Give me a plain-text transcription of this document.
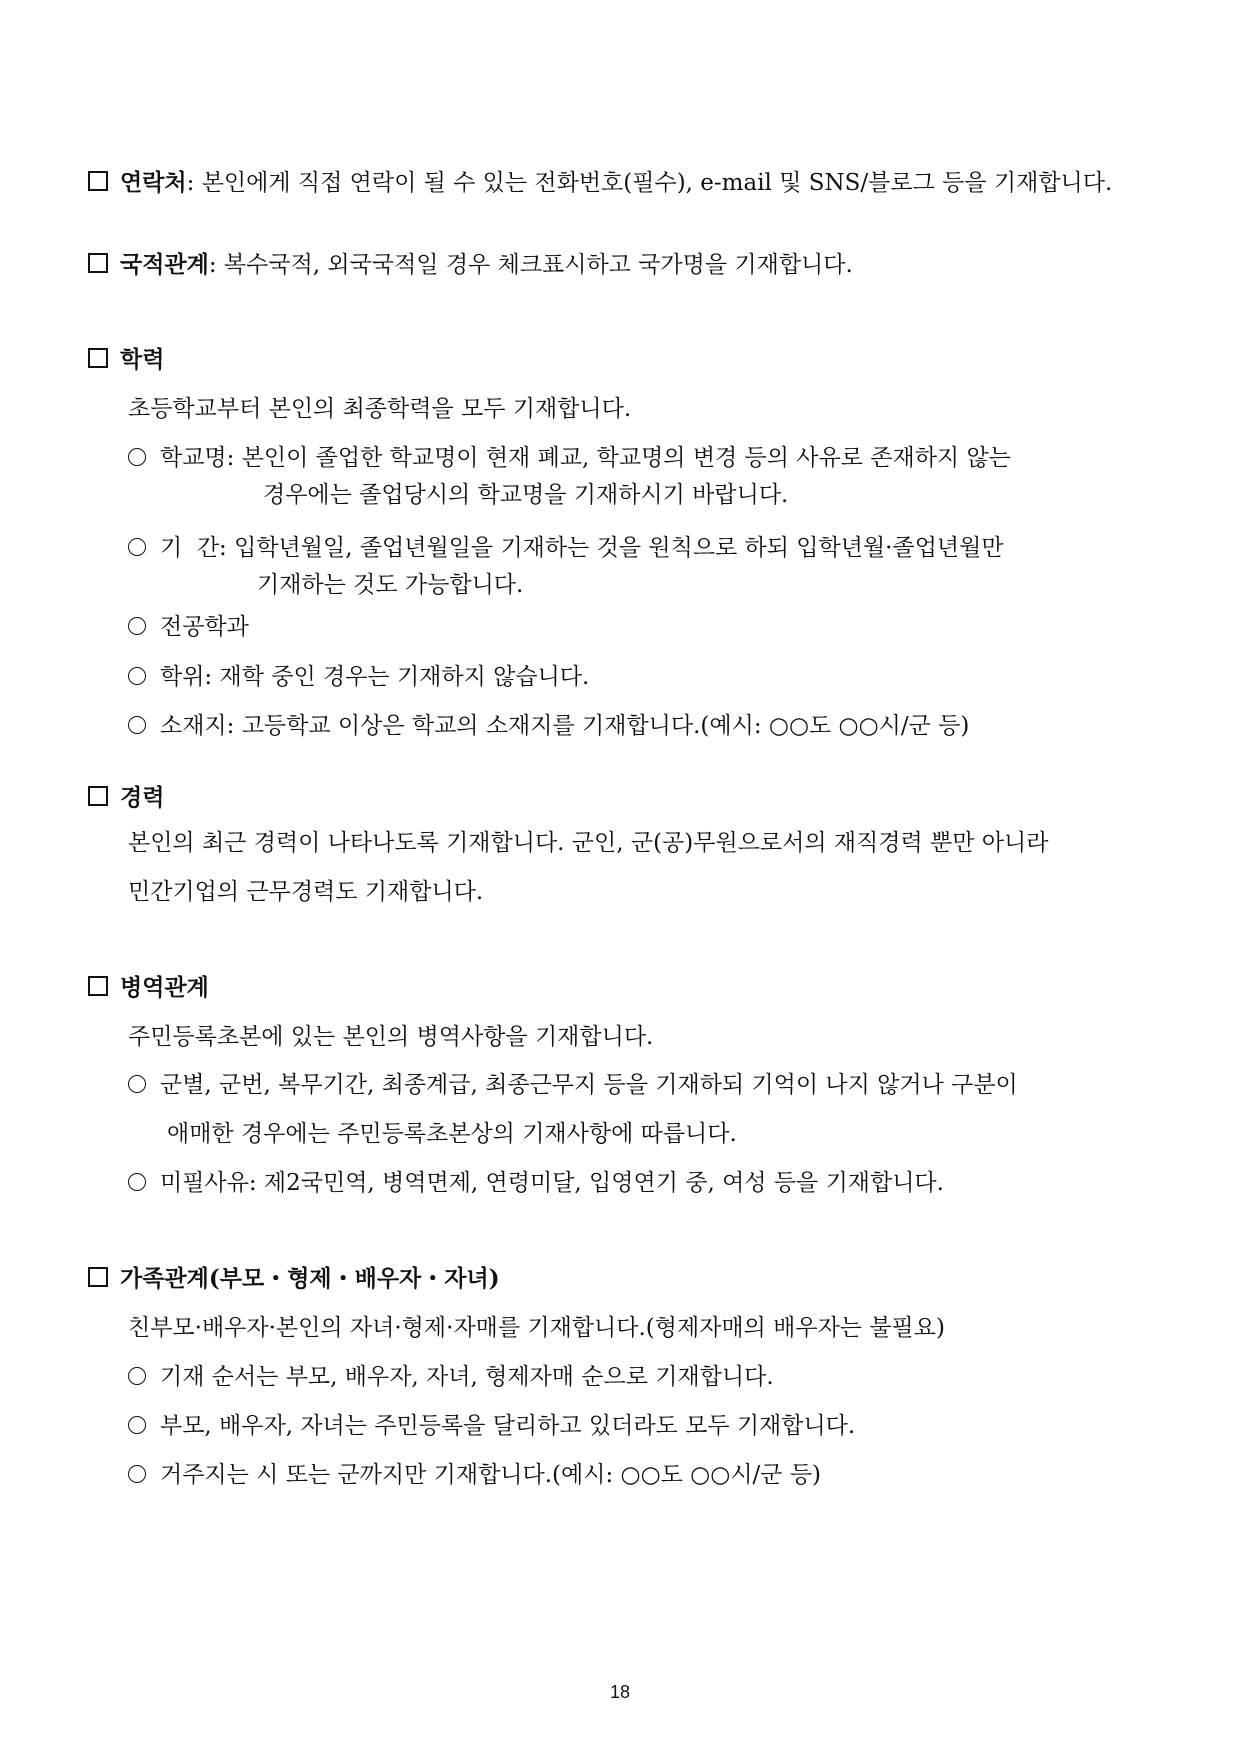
연락처: 본인에게 직접 연락이 될 수 있는 전화번호(필수), e-mail 및 SNS/블로그 등을 기재합니다.
국적관계: 복수국적, 외국국적일 경우 체크표시하고 국가명을 기재합니다.
학력
초등학교부터 본인의 최종학력을 모두 기재합니다.
학교명: 본인이 졸업한 학교명이 현재 폐교, 학교명의 변경 등의 사유로 존재하지 않는
경우에는 졸업당시의 학교명을 기재하시기 바랍니다.
기  간: 입학년월일, 졸업년월일을 기재하는 것을 원칙으로 하되 입학년월·졸업년월만
기재하는 것도 가능합니다.
전공학과
학위: 재학 중인 경우는 기재하지 않습니다.
소재지: 고등학교 이상은 학교의 소재지를 기재합니다.(예시: ○○도 ○○시/군 등)
경력
본인의 최근 경력이 나타나도록 기재합니다. 군인, 군(공)무원으로서의 재직경력 뿐만 아니라
민간기업의 근무경력도 기재합니다.
병역관계
주민등록초본에 있는 본인의 병역사항을 기재합니다.
군별, 군번, 복무기간, 최종계급, 최종근무지 등을 기재하되 기억이 나지 않거나 구분이
애매한 경우에는 주민등록초본상의 기재사항에 따릅니다.
미필사유: 제2국민역, 병역면제, 연령미달, 입영연기 중, 여성 등을 기재합니다.
가족관계(부모・형제・배우자・자녀)
친부모·배우자·본인의 자녀·형제·자매를 기재합니다.(형제자매의 배우자는 불필요)
기재 순서는 부모, 배우자, 자녀, 형제자매 순으로 기재합니다.
부모, 배우자, 자녀는 주민등록을 달리하고 있더라도 모두 기재합니다.
거주지는 시 또는 군까지만 기재합니다.(예시: ○○도 ○○시/군 등)
18
